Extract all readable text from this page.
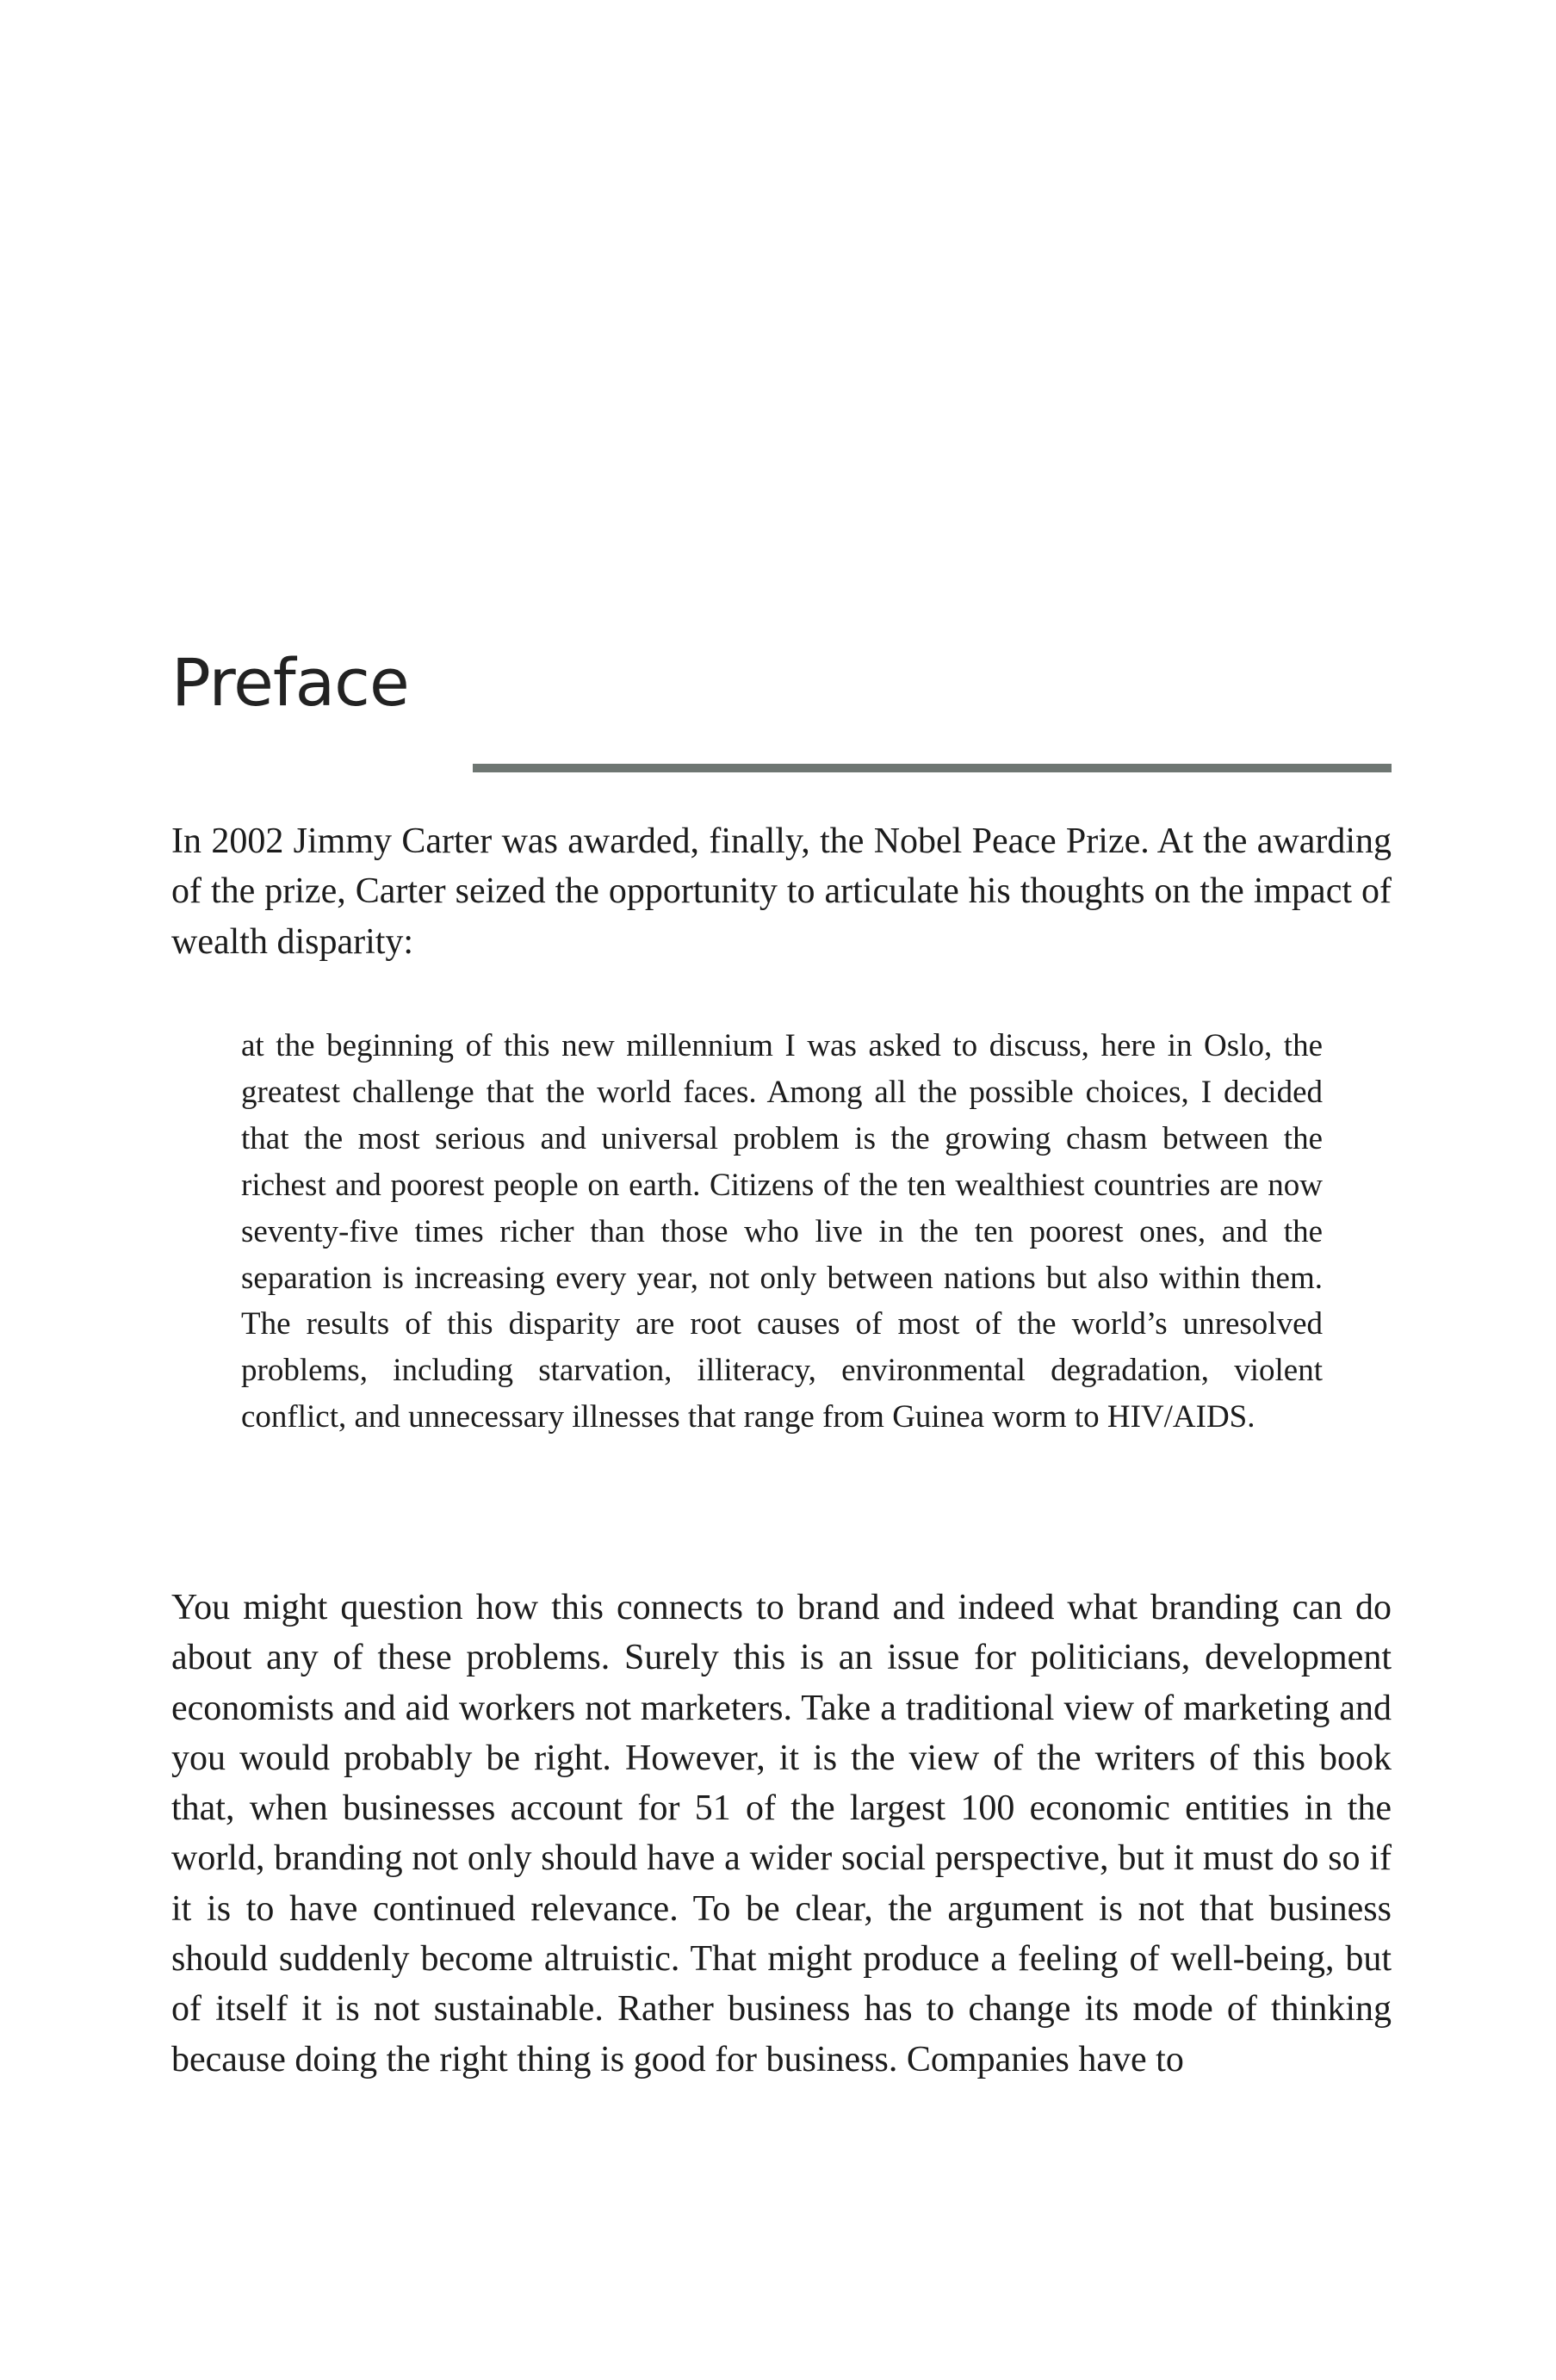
Preface

In 2002 Jimmy Carter was awarded, finally, the Nobel Peace Prize. At the awarding of the prize, Carter seized the opportunity to articulate his thoughts on the impact of wealth disparity:

at the beginning of this new millennium I was asked to discuss, here in Oslo, the greatest challenge that the world faces. Among all the possible choices, I decided that the most serious and universal problem is the growing chasm between the richest and poorest people on earth. Citizens of the ten wealthiest countries are now seventy-five times richer than those who live in the ten poorest ones, and the separation is increasing every year, not only between nations but also within them. The results of this disparity are root causes of most of the world’s unresolved problems, including starvation, illiteracy, environmental degradation, violent conflict, and unnecessary illnesses that range from Guinea worm to HIV/AIDS.

You might question how this connects to brand and indeed what branding can do about any of these problems. Surely this is an issue for politicians, development economists and aid workers not marketers. Take a traditional view of marketing and you would probably be right. However, it is the view of the writers of this book that, when businesses account for 51 of the largest 100 economic entities in the world, branding not only should have a wider social perspective, but it must do so if it is to have continued relevance. To be clear, the argument is not that business should suddenly become altruistic. That might produce a feeling of well-being, but of itself it is not sustainable. Rather business has to change its mode of thinking because doing the right thing is good for business. Companies have to
